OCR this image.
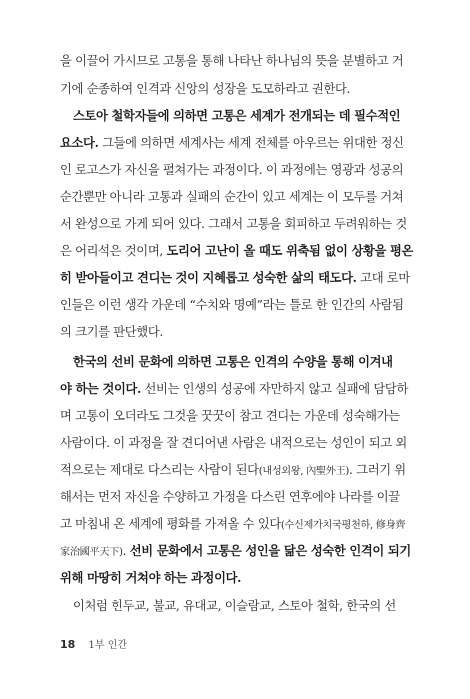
을 이끌어 가시므로 고통을 통해 나타난 하나님의 뜻을 분별하고 거
기에 순종하여 인격과 신앙의 성장을 도모하라고 권한다.
스토아 철학자들에 의하면 고통은 세계가 전개되는 데 필수적인
요소다. 그들에 의하면 세계사는 세계 전체를 아우르는 위대한 정신
인 로고스가 자신을 펼쳐가는 과정이다. 이 과정에는 영광과 성공의
순간뿐만 아니라 고통과 실패의 순간이 있고 세계는 이 모두를 거쳐
서 완성으로 가게 되어 있다. 그래서 고통을 회피하고 두려워하는 것
은 어리석은 것이며, 도리어 고난이 올 때도 위축됨 없이 상황을 평온
히 받아들이고 견디는 것이 지혜롭고 성숙한 삶의 태도다. 고대 로마
인들은 이런 생각 가운데 “수치와 명예”라는 틀로 한 인간의 사람됨
의 크기를 판단했다.
한국의 선비 문화에 의하면 고통은 인격의 수양을 통해 이겨내
야 하는 것이다. 선비는 인생의 성공에 자만하지 않고 실패에 담담하
며 고통이 오더라도 그것을 꿋꿋이 참고 견디는 가운데 성숙해가는
사람이다. 이 과정을 잘 견디어낸 사람은 내적으로는 성인이 되고 외
적으로는 제대로 다스리는 사람이 된다(내성외왕, 內聖外王). 그러기 위
해서는 먼저 자신을 수양하고 가정을 다스린 연후에야 나라를 이끌
고 마침내 온 세계에 평화를 가져올 수 있다(수신제가치국평천하, 修身齊
家治國平天下). 선비 문화에서 고통은 성인을 닮은 성숙한 인격이 되기
위해 마땅히 거쳐야 하는 과정이다.
이처럼 힌두교, 불교, 유대교, 이슬람교, 스토아 철학, 한국의 선
18 1부 인간
